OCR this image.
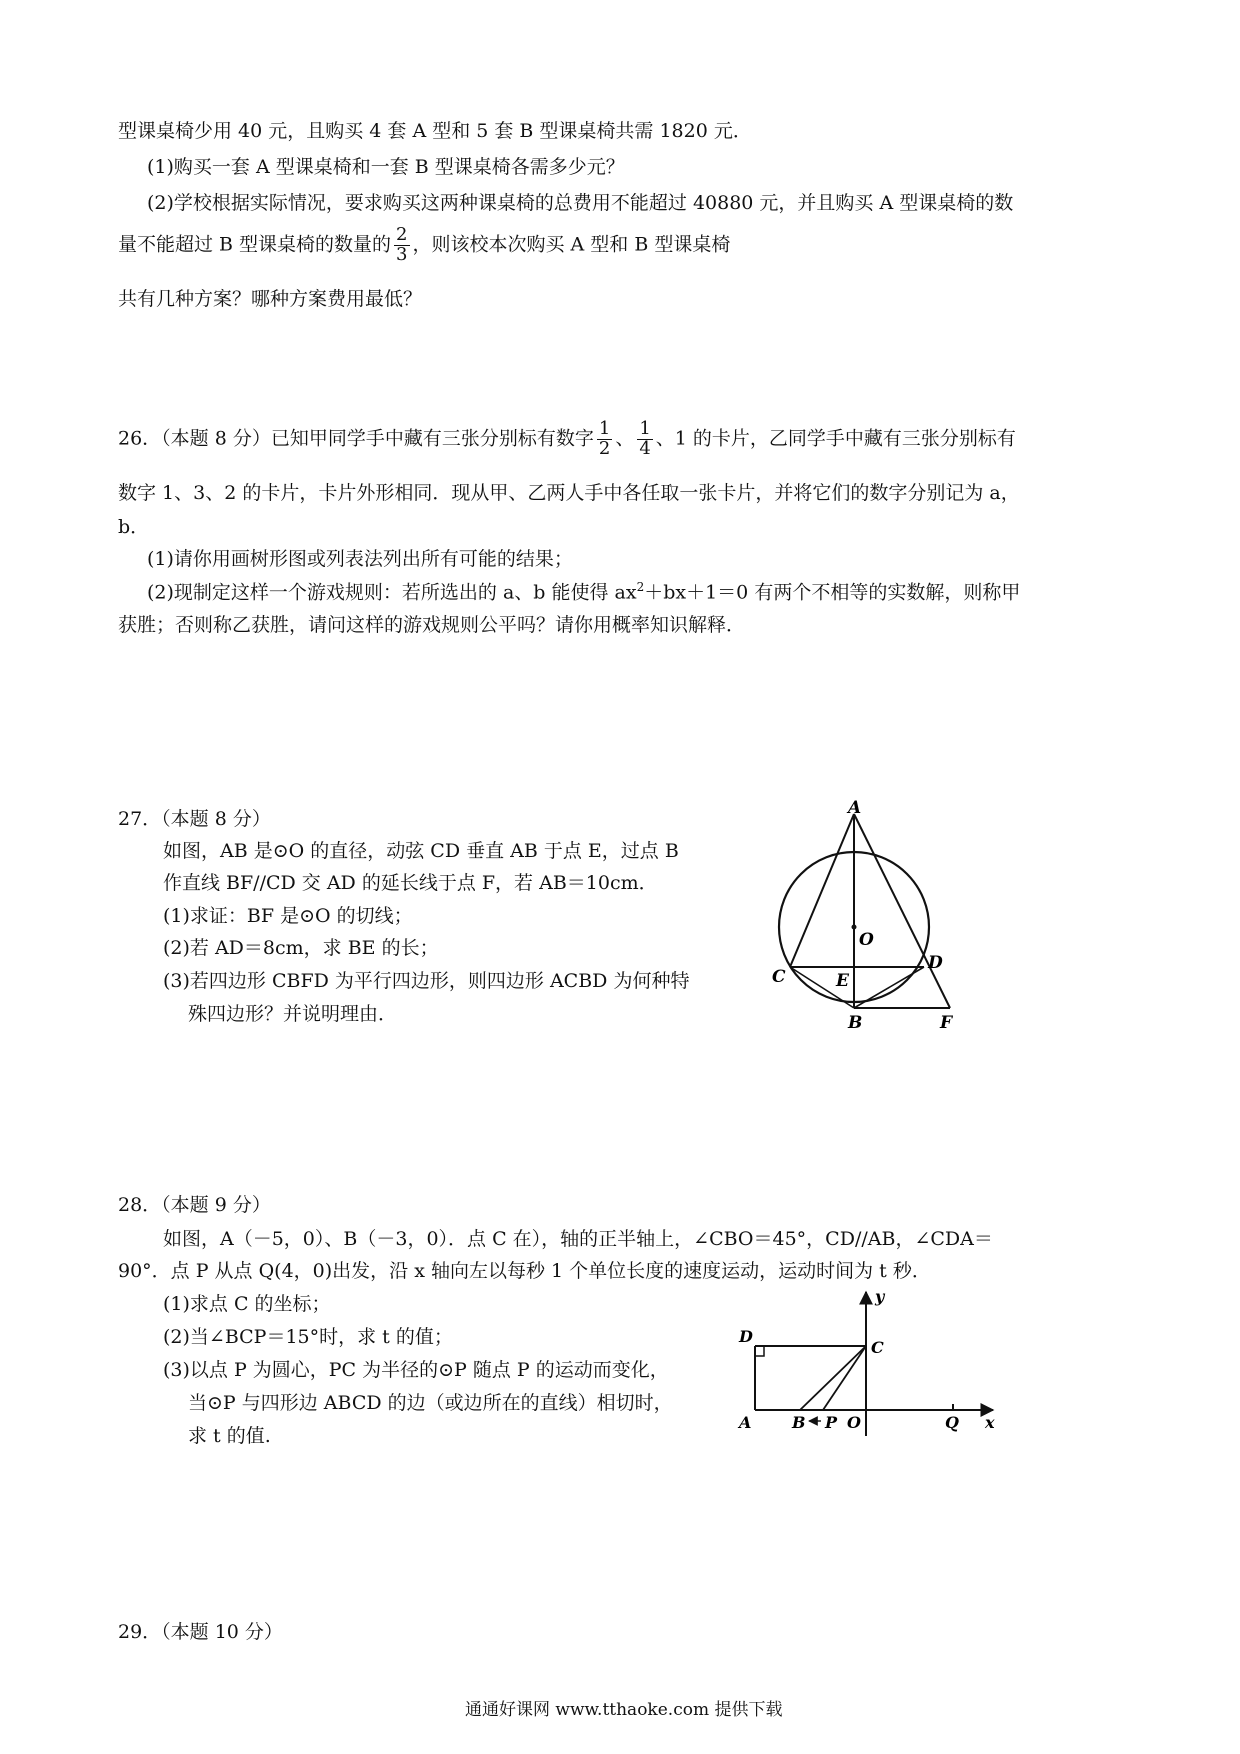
型课桌椅少用 40 元，且购买 4 套 A 型和 5 套 B 型课桌椅共需 1820 元．
(1)购买一套 A 型课桌椅和一套 B 型课桌椅各需多少元？
(2)学校根据实际情况，要求购买这两种课桌椅的总费用不能超过 40880 元，并且购买 A 型课桌椅的数
量不能超过 B 型课桌椅的数量的 $\frac{2}{3}$ ，则该校本次购买 A 型和 B 型课桌椅
共有几种方案？哪种方案费用最低？
26．（本题 8 分）已知甲同学手中藏有三张分别标有数字 $\frac{1}{2}$ 、 $\frac{1}{4}$ 、1 的卡片，乙同学手中藏有三张分别标有
数字 1、3、2 的卡片，卡片外形相同．现从甲、乙两人手中各任取一张卡片，并将它们的数字分别记为 a，
b．
(1)请你用画树形图或列表法列出所有可能的结果；
(2)现制定这样一个游戏规则：若所选出的 a、b 能使得 $ax^2+bx+1=0$ 有两个不相等的实数解，则称甲
获胜；否则称乙获胜，请问这样的游戏规则公平吗？请你用概率知识解释．
27．（本题 8 分）
如图，AB 是⊙O 的直径，动弦 CD 垂直 AB 于点 E，过点 B
作直线 BF//CD 交 AD 的延长线于点 F，若 AB＝10cm．
(1)求证：BF 是⊙O 的切线；
(2)若 AD＝8cm，求 BE 的长；
(3)若四边形 CBFD 为平行四边形，则四边形 ACBD 为何种特
殊四边形？并说明理由．
A
O
D
C	E
B	F
28．（本题 9 分）
如图，A（－5，0）、B（－3，0）．点 C 在），轴的正半轴上，∠CBO＝45°，CD//AB，∠CDA＝
90°．点 P 从点 Q(4，0)出发，沿 x 轴向左以每秒 1 个单位长度的速度运动，运动时间为 t 秒．
(1)求点 C 的坐标；
(2)当∠BCP＝15°时，求 t 的值；
(3)以点 P 为圆心，PC 为半径的⊙P 随点 P 的运动而变化，
当⊙P 与四形边 ABCD 的边（或边所在的直线）相切时，
求 t 的值.
y
D
C
A	B P O	Q x
29．（本题 10 分）
通通好课网 www.tthaoke.com 提供下载
